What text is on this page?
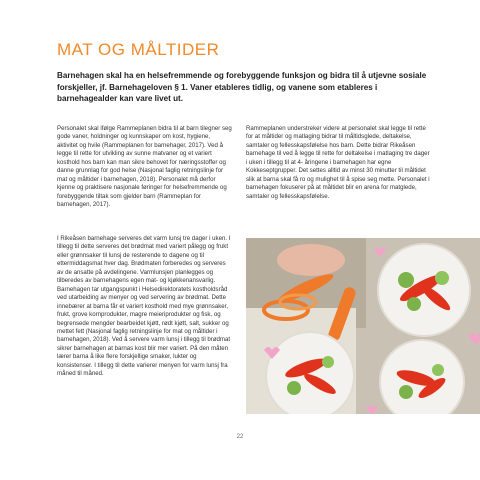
MAT OG MÅLTIDER

Barnehagen skal ha en helsefremmende og forebyggende funksjon og bidra til å utjevne sosiale forskjeller, jf. Barnehageloven § 1. Vaner etableres tidlig, og vanene som etableres i barnehagealder kan vare livet ut.

Personalet skal ifølge Rammeplanen bidra til at barn tilegner seg gode vaner, holdninger og kunnskaper om kost, hygiene, aktivitet og hvile (Rammeplanen for barnehager, 2017). Ved å legge til rette for utvikling av sunne matvaner og et variert kosthold hos barn kan man sikre behovet for næringsstoffer og danne grunnlag for god helse (Nasjonal faglig retningslinje for mat og måltider i barnehagen, 2018). Personalet må derfor kjenne og praktisere nasjonale føringer for helsefremmende og forebyggende tiltak som gjelder barn (Rammeplan for barnehagen, 2017).

I Rikeåsen barnehage serveres det varm lunsj tre dager i uken. I tillegg til dette serveres det brødmat med variert pålegg og frukt eller grønnsaker til lunsj de resterende to dagene og til ettermiddagsmat hver dag. Brødmaten forberedes og serveres av de ansatte på avdelingene. Varmlunsjen planlegges og tilberedes av barnehagens egen mat- og kjøkkenansvarlig. Barnehagen tar utgangspunkt i Helsedirektoratets kostholdsråd ved utarbeiding av menyer og ved servering av brødmat. Dette innebærer at barna får et variert kosthold med mye grønnsaker, frukt, grove kornprodukter, magre meieriprodukter og fisk, og begrensede mengder bearbeidet kjøtt, rødt kjøtt, salt, sukker og mettet fett (Nasjonal faglig retningslinje for mat og måltider i barnehagen, 2018). Ved å servere varm lunsj i tillegg til brødmat sikrer barnehagen at barnas kost blir mer variert. På den måten lærer barna å like flere forskjellige smaker, lukter og konsistenser. I tillegg til dette varierer menyen for varm lunsj fra måned til måned.

Rammeplanen understreker videre at personalet skal legge til rette for at måltider og matlaging bidrar til måltidsglede, deltakelse, samtaler og fellesskapsfølelse hos barn. Dette bidrar Rikeåsen barnehage til ved å legge til rette for deltakelse i matlaging tre dager i uken i tillegg til at 4- åringene i barnehagen har egne Kokkeseptgrupper. Det settes alltid av minst 30 minutter til måltidet slik at barna skal få ro og mulighet til å spise seg mette. Personalet i barnehagen fokuserer på at måltidet blir en arena for matglede, samtaler og fellesskapsfølelse.

22
